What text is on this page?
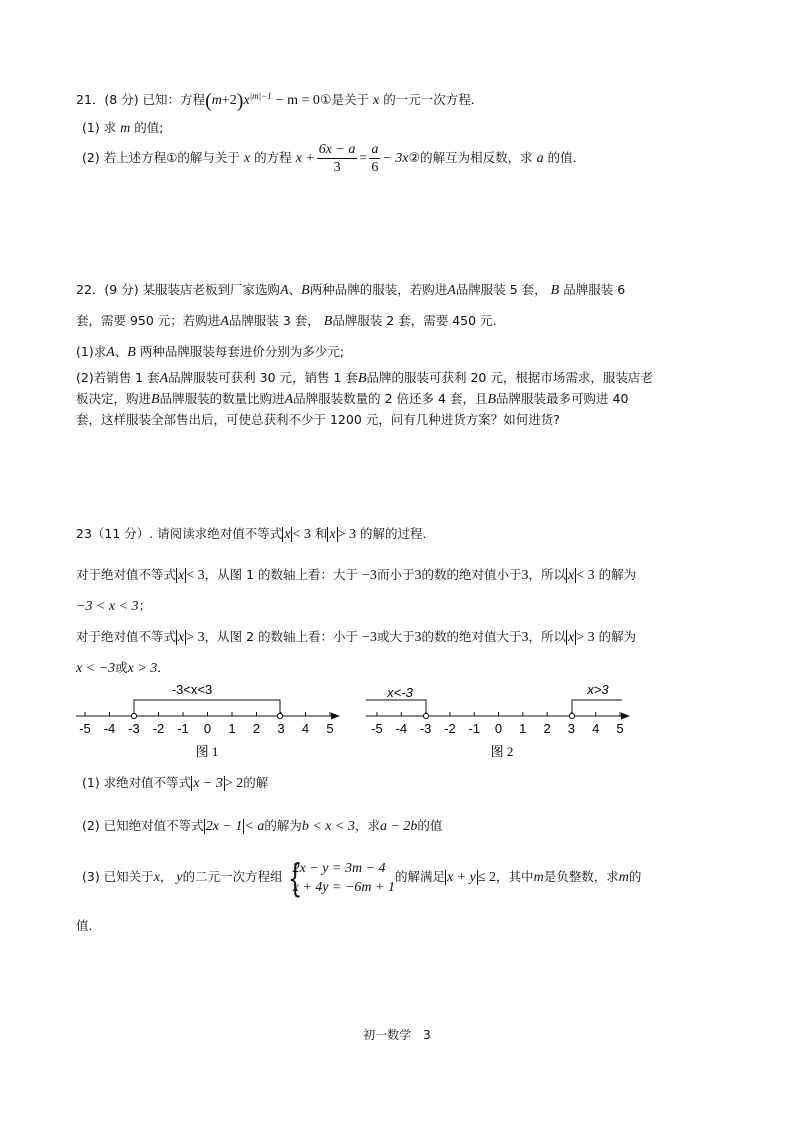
21．(8 分) 已知：方程$(m+2)x^{|m|-1} - m$ = 0①是关于 x 的一元一次方程．
(1) 求 m 的值;
(2) 若上述方程①的解与关于 x 的方程 $x + \frac{6x - a}{3} = \frac{a}{6}$ − 3x②的解互为相反数，求 a 的值．
22．(9 分) 某服装店老板到厂家选购A、B两种品牌的服装，若购进A品牌服装 5 套， B 品牌服装 6
套，需要 950 元；若购进A品牌服装 3 套， B品牌服装 2 套，需要 450 元．
(1)求A、B 两种品牌服装每套进价分别为多少元;
(2)若销售 1 套A品牌服装可获利 30 元，销售 1 套B品牌的服装可获利 20 元，根据市场需求，服装店老
板决定，购进B品牌服装的数量比购进A品牌服装数量的 2 倍还多 4 套，且B品牌服装最多可购进 40
套，这样服装全部售出后，可使总获利不少于 1200 元，问有几种进货方案？如何进货?
23（11 分）. 请阅读求绝对值不等式 x < 3 和 x > 3 的解的过程．
对于绝对值不等式 x < 3，从图 1 的数轴上看：大于 −3而小于3的数的绝对值小于3，所以 x < 3 的解为
−3 < x < 3；
对于绝对值不等式 x > 3，从图 2 的数轴上看：小于 −3或大于3的数的绝对值大于3，所以 x > 3 的解为
x < −3或x > 3．
-3<x<3
-5 -4 -3 -2 -1 0 1 2 3 4 5
图 1
x<-3	x>3
-5 -4 -3 -2 -1 0 1 2 3 4 5
图 2
(1) 求绝对值不等式 x − 3 > 2的解
(2) 已知绝对值不等式 2x − 1 < a的解为b < x < 3，求a − 2b的值
(3) 已知关于x， y的二元一次方程组 {
2x − y = 3m − 4
x + 4y = −6m + 1
的解满足 x + y ≤ 2，其中m是负整数，求m的
值．
初一数学　3
